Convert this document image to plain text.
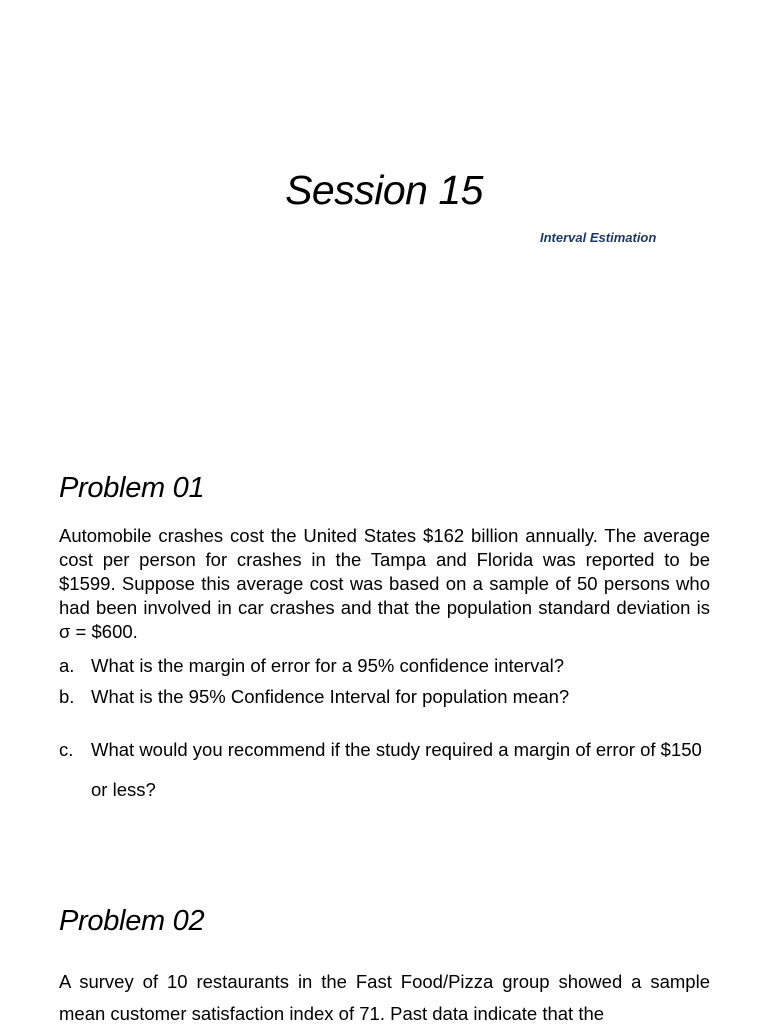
Session 15
Interval Estimation
Problem 01

Automobile crashes cost the United States $162 billion annually. The average cost per person for crashes in the Tampa and Florida was reported to be $1599. Suppose this average cost was based on a sample of 50 persons who had been involved in car crashes and that the population standard deviation is σ = $600.

a. What is the margin of error for a 95% confidence interval?
b. What is the 95% Confidence Interval for population mean?
c. What would you recommend if the study required a margin of error of $150 or less?
Problem 02

A survey of 10 restaurants in the Fast Food/Pizza group showed a sample mean customer satisfaction index of 71. Past data indicate that the
